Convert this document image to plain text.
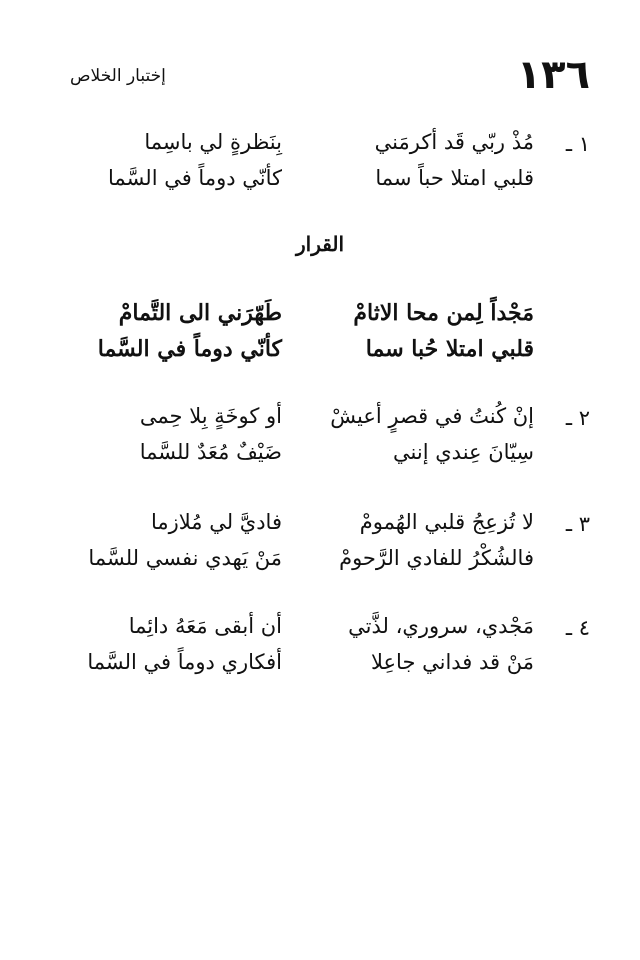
١٣٦
إختبار الخلاص
١ ـ
مُذْ ربّي قَد أكرمَني
بِنَظرةٍ لي باسِما
قلبي امتلا حباً سما
كأنّي دوماً في السَّما
القرار
مَجْداً لِمن محا الاثامْ
طَهّرَني الى التَّمامْ
قلبي امتلا حُبا سما
كأنّي دوماً في السَّما
٢ ـ
إنْ كُنتُ في قصرٍ أعيشْ
أو كوخَةٍ بِلا حِمى
سِيّانَ عِندي إنني
ضَيْفٌ مُعَدٌ للسَّما
٣ ـ
لا تُزعِجُ قلبي الهُمومْ
فاديَّ لي مُلازما
فالشُكْرُ للفادي الرَّحومْ
مَنْ يَهدي نفسي للسَّما
٤ ـ
مَجْدي، سروري، لذَّتي
أن أبقى مَعَهُ دائِما
مَنْ قد فداني جاعِلا
أفكاري دوماً في السَّما
